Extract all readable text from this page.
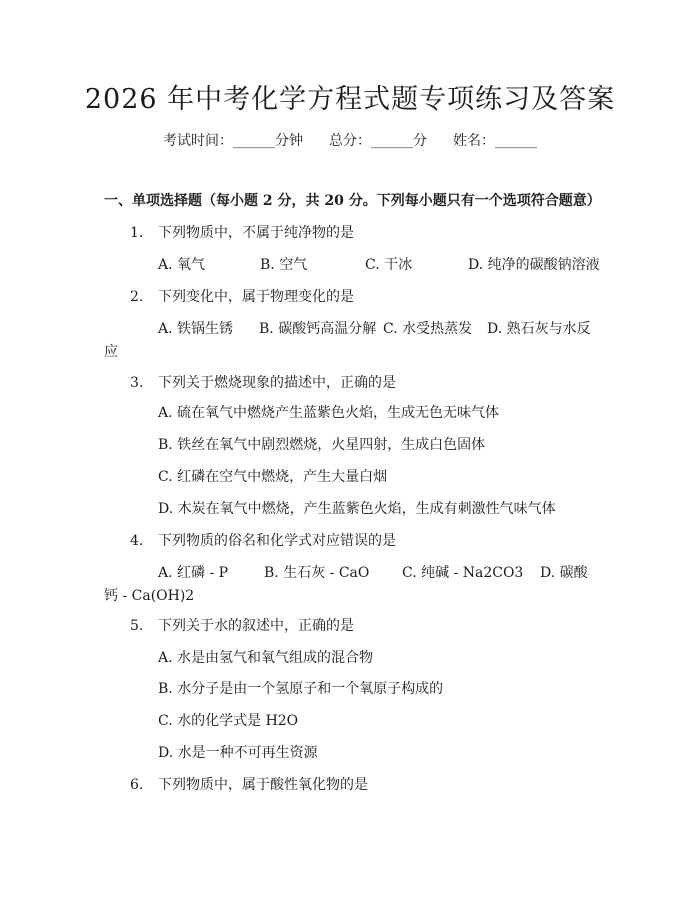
2026 年中考化学方程式题专项练习及答案
考试时间：______分钟 总分：______分 姓名：______
一、单项选择题（每小题 2 分，共 20 分。下列每小题只有一个选项符合题意）
1. 下列物质中，不属于纯净物的是
A. 氧气	B. 空气	C. 干冰	D. 纯净的碳酸钠溶液
2. 下列变化中，属于物理变化的是
A. 铁锅生锈 B. 碳酸钙高温分解 C. 水受热蒸发 D. 熟石灰与水反
应
3. 下列关于燃烧现象的描述中，正确的是
A. 硫在氧气中燃烧产生蓝紫色火焰，生成无色无味气体
B. 铁丝在氧气中剧烈燃烧，火星四射，生成白色固体
C. 红磷在空气中燃烧，产生大量白烟
D. 木炭在氧气中燃烧，产生蓝紫色火焰，生成有刺激性气味气体
4. 下列物质的俗名和化学式对应错误的是
A. 红磷 - P	B. 生石灰 - CaO C. 纯碱 - Na2CO3 D. 碳酸
钙 - Ca(OH)2
5. 下列关于水的叙述中，正确的是
A. 水是由氢气和氧气组成的混合物
B. 水分子是由一个氢原子和一个氧原子构成的
C. 水的化学式是 H2O
D. 水是一种不可再生资源
6. 下列物质中，属于酸性氧化物的是
